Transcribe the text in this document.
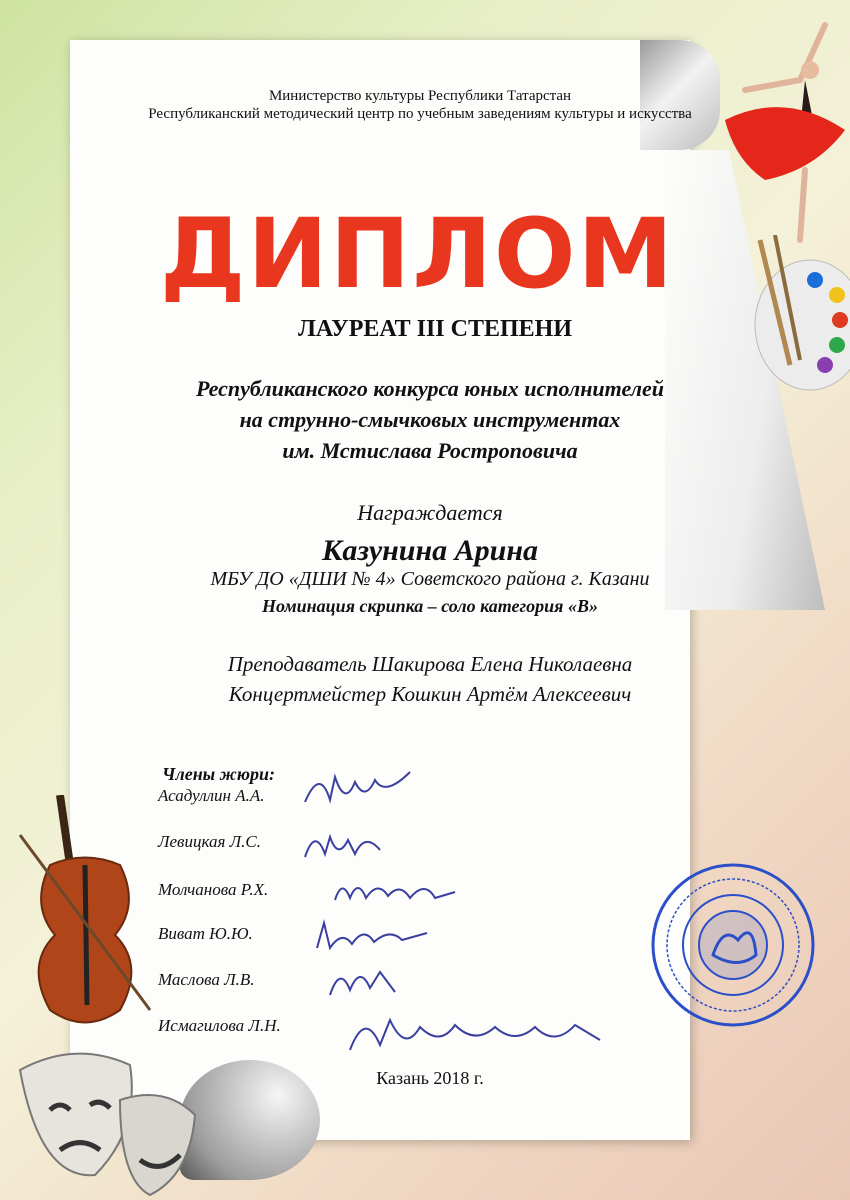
Министерство культуры Республики Татарстан
Республиканский методический центр по учебным заведениям культуры и искусства
ДИПЛОМ
ЛАУРЕАТ III СТЕПЕНИ
Республиканского конкурса юных исполнителей
на струнно-смычковых инструментах
им. Мстислава Ростроповича
Награждается
Казунина Арина
МБУ ДО «ДШИ № 4» Советского района г. Казани
Номинация скрипка – соло категория «В»
Преподаватель Шакирова Елена Николаевна
Концертмейстер Кошкин Артём Алексеевич
Члены жюри:
Асадуллин А.А.
Левицкая Л.С.
Молчанова Р.Х.
Виват Ю.Ю.
Маслова Л.В.
Исмагилова Л.Н.
Казань 2018 г.
